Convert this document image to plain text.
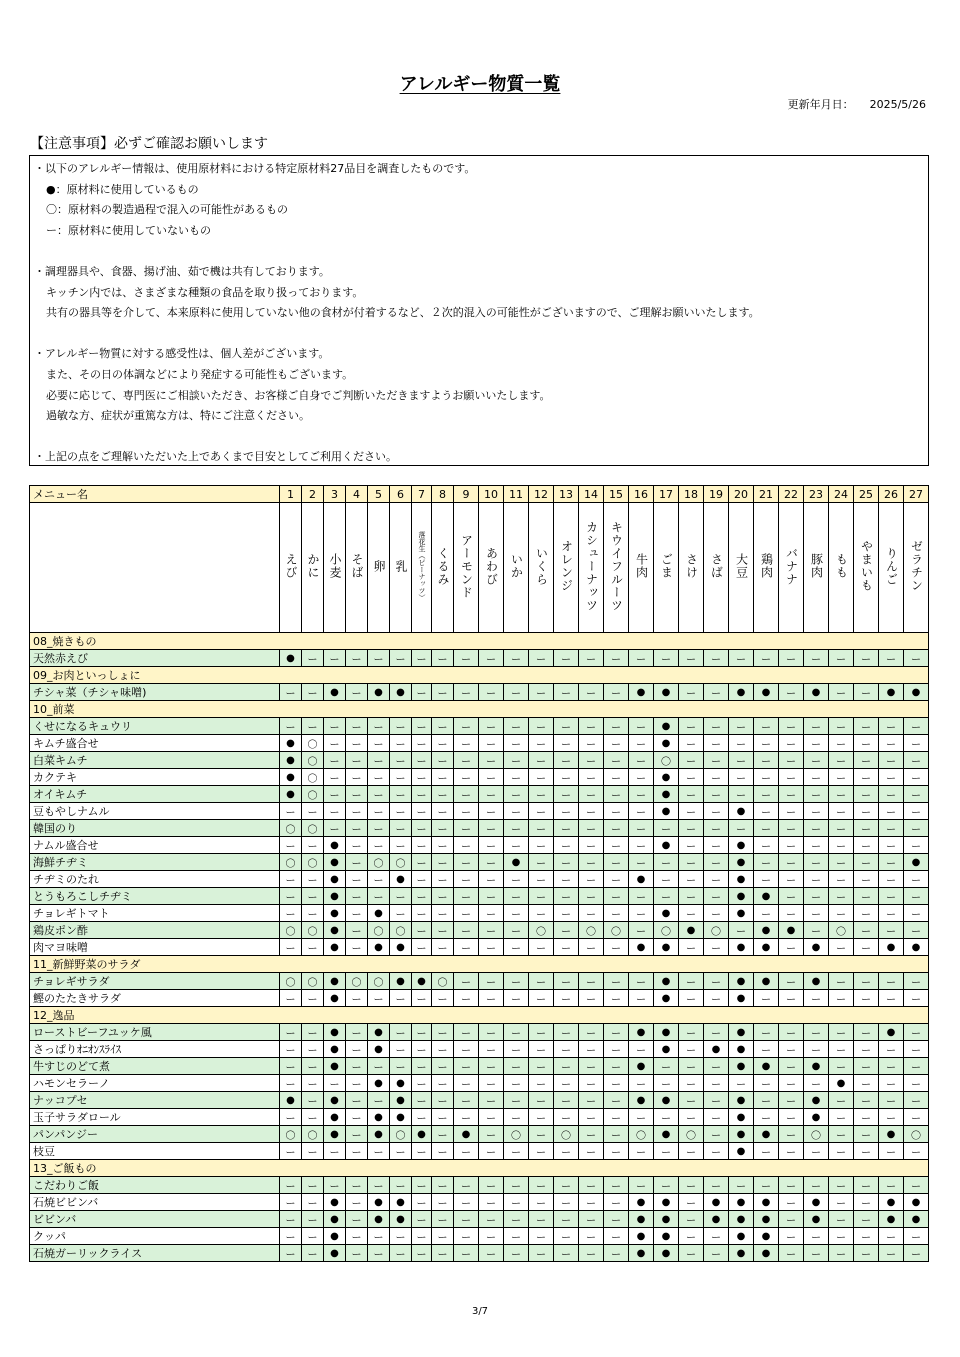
アレルギー物質一覧
更新年月日： 2025/5/26
【注意事項】必ずご確認お願いします
・以下のアレルギー情報は、使用原材料における特定原材料27品目を調査したものです。
●：原材料に使用しているもの
〇：原材料の製造過程で混入の可能性があるもの
ー：原材料に使用していないもの

・調理器具や、食器、揚げ油、茹で機は共有しております。
キッチン内では、さまざまな種類の食品を取り扱っております。
共有の器具等を介して、本来原料に使用していない他の食材が付着するなど、２次的混入の可能性がございますので、ご理解お願いいたします。

・アレルギー物質に対する感受性は、個人差がございます。
また、その日の体調などにより発症する可能性もございます。
必要に応じて、専門医にご相談いただき、お客様ご自身でご判断いただきますようお願いいたします。
過敏な方、症状が重篤な方は、特にご注意ください。

・上記の点をご理解いただいた上であくまで目安としてご利用ください。
メニュー名	1	2	3	4	5	6	7	8	9	10	11	12	13	14	15	16	17	18	19	20	21	22	23	24	25	26	27
	えび	かに	小麦	そば	卵	乳	落花生（ピーナッツ）	くるみ	アーモンド	あわび	いか	いくら	オレンジ	カシューナッツ	キウイフルーツ	牛肉	ごま	さけ	さば	大豆	鶏肉	バナナ	豚肉	もも	やまいも	りんご	ゼラチン
08_焼きもの																											
天然赤えび	●	ー	ー	ー	ー	ー	ー	ー	ー	ー	ー	ー	ー	ー	ー	ー	ー	ー	ー	ー	ー	ー	ー	ー	ー	ー	ー
09_お肉といっしょに																											
チシャ菜（チシャ味噌)	ー	ー	●	ー	●	●	ー	ー	ー	ー	ー	ー	ー	ー	ー	●	●	ー	ー	●	●	ー	●	ー	ー	●	●
10_前菜																											
くせになるキュウリ	ー	ー	ー	ー	ー	ー	ー	ー	ー	ー	ー	ー	ー	ー	ー	ー	●	ー	ー	ー	ー	ー	ー	ー	ー	ー	ー
キムチ盛合せ	●	〇	ー	ー	ー	ー	ー	ー	ー	ー	ー	ー	ー	ー	ー	ー	●	ー	ー	ー	ー	ー	ー	ー	ー	ー	ー
白菜キムチ	●	〇	ー	ー	ー	ー	ー	ー	ー	ー	ー	ー	ー	ー	ー	ー	〇	ー	ー	ー	ー	ー	ー	ー	ー	ー	ー
カクテキ	●	〇	ー	ー	ー	ー	ー	ー	ー	ー	ー	ー	ー	ー	ー	ー	●	ー	ー	ー	ー	ー	ー	ー	ー	ー	ー
オイキムチ	●	〇	ー	ー	ー	ー	ー	ー	ー	ー	ー	ー	ー	ー	ー	ー	●	ー	ー	ー	ー	ー	ー	ー	ー	ー	ー
豆もやしナムル	ー	ー	ー	ー	ー	ー	ー	ー	ー	ー	ー	ー	ー	ー	ー	ー	●	ー	ー	●	ー	ー	ー	ー	ー	ー	ー
韓国のり	〇	〇	ー	ー	ー	ー	ー	ー	ー	ー	ー	ー	ー	ー	ー	ー	ー	ー	ー	ー	ー	ー	ー	ー	ー	ー	ー
ナムル盛合せ	ー	ー	●	ー	ー	ー	ー	ー	ー	ー	ー	ー	ー	ー	ー	ー	●	ー	ー	●	ー	ー	ー	ー	ー	ー	ー
海鮮チヂミ	〇	〇	●	ー	〇	〇	ー	ー	ー	ー	●	ー	ー	ー	ー	ー	ー	ー	ー	●	ー	ー	ー	ー	ー	ー	●
チヂミのたれ	ー	ー	●	ー	ー	●	ー	ー	ー	ー	ー	ー	ー	ー	ー	●	ー	ー	ー	●	ー	ー	ー	ー	ー	ー	ー
とうもろこしチヂミ	ー	ー	●	ー	ー	ー	ー	ー	ー	ー	ー	ー	ー	ー	ー	ー	ー	ー	ー	●	●	ー	ー	ー	ー	ー	ー
チョレギトマト	ー	ー	●	ー	●	ー	ー	ー	ー	ー	ー	ー	ー	ー	ー	ー	●	ー	ー	●	ー	ー	ー	ー	ー	ー	ー
鶏皮ポン酢	〇	〇	●	ー	〇	〇	ー	ー	ー	ー	ー	〇	ー	〇	〇	ー	〇	●	〇	ー	●	●	ー	〇	ー	ー	ー
肉マヨ味噌	ー	ー	●	ー	●	●	ー	ー	ー	ー	ー	ー	ー	ー	ー	●	●	ー	ー	●	●	ー	●	ー	ー	●	●
11_新鮮野菜のサラダ																											
チョレギサラダ	〇	〇	●	〇	〇	●	●	〇	ー	ー	ー	ー	ー	ー	ー	ー	●	ー	ー	●	●	ー	●	ー	ー	ー	ー
鰹のたたきサラダ	ー	ー	●	ー	ー	ー	ー	ー	ー	ー	ー	ー	ー	ー	ー	ー	●	ー	ー	●	ー	ー	ー	ー	ー	ー	ー
12_逸品																											
ローストビーフユッケ風	ー	ー	●	ー	●	ー	ー	ー	ー	ー	ー	ー	ー	ー	ー	●	●	ー	ー	●	ー	ー	ー	ー	ー	●	ー
さっぱりｵﾆｵﾝｽﾗｲｽ	ー	ー	●	ー	●	ー	ー	ー	ー	ー	ー	ー	ー	ー	ー	ー	●	ー	●	●	ー	ー	ー	ー	ー	ー	ー
牛すじのどて煮	ー	ー	●	ー	ー	ー	ー	ー	ー	ー	ー	ー	ー	ー	ー	●	ー	ー	ー	●	●	ー	●	ー	ー	ー	ー
ハモンセラーノ	ー	ー	ー	ー	●	●	ー	ー	ー	ー	ー	ー	ー	ー	ー	ー	ー	ー	ー	ー	ー	ー	ー	●	ー	ー	ー
ナッコプセ	●	ー	●	ー	ー	●	ー	ー	ー	ー	ー	ー	ー	ー	ー	●	●	ー	ー	●	ー	ー	●	ー	ー	ー	ー
玉子サラダロール	ー	ー	●	ー	●	●	ー	ー	ー	ー	ー	ー	ー	ー	ー	ー	ー	ー	ー	●	ー	ー	●	ー	ー	ー	ー
パンパンジー	〇	〇	●	ー	●	〇	●	ー	●	ー	〇	ー	〇	ー	ー	〇	●	〇	ー	●	●	ー	〇	ー	ー	●	〇
枝豆	ー	ー	ー	ー	ー	ー	ー	ー	ー	ー	ー	ー	ー	ー	ー	ー	ー	ー	ー	●	ー	ー	ー	ー	ー	ー	ー
13_ご飯もの																											
こだわりご飯	ー	ー	ー	ー	ー	ー	ー	ー	ー	ー	ー	ー	ー	ー	ー	ー	ー	ー	ー	ー	ー	ー	ー	ー	ー	ー	ー
石焼ビビンバ	ー	ー	●	ー	●	●	ー	ー	ー	ー	ー	ー	ー	ー	ー	●	●	ー	●	●	●	ー	●	ー	ー	●	●
ビビンバ	ー	ー	●	ー	●	●	ー	ー	ー	ー	ー	ー	ー	ー	ー	●	●	ー	●	●	●	ー	●	ー	ー	●	●
クッパ	ー	ー	●	ー	ー	ー	ー	ー	ー	ー	ー	ー	ー	ー	ー	●	●	ー	ー	●	●	ー	ー	ー	ー	ー	ー
石焼ガーリックライス	ー	ー	●	ー	ー	ー	ー	ー	ー	ー	ー	ー	ー	ー	ー	●	●	ー	ー	●	●	ー	ー	ー	ー	ー	ー
3/7
